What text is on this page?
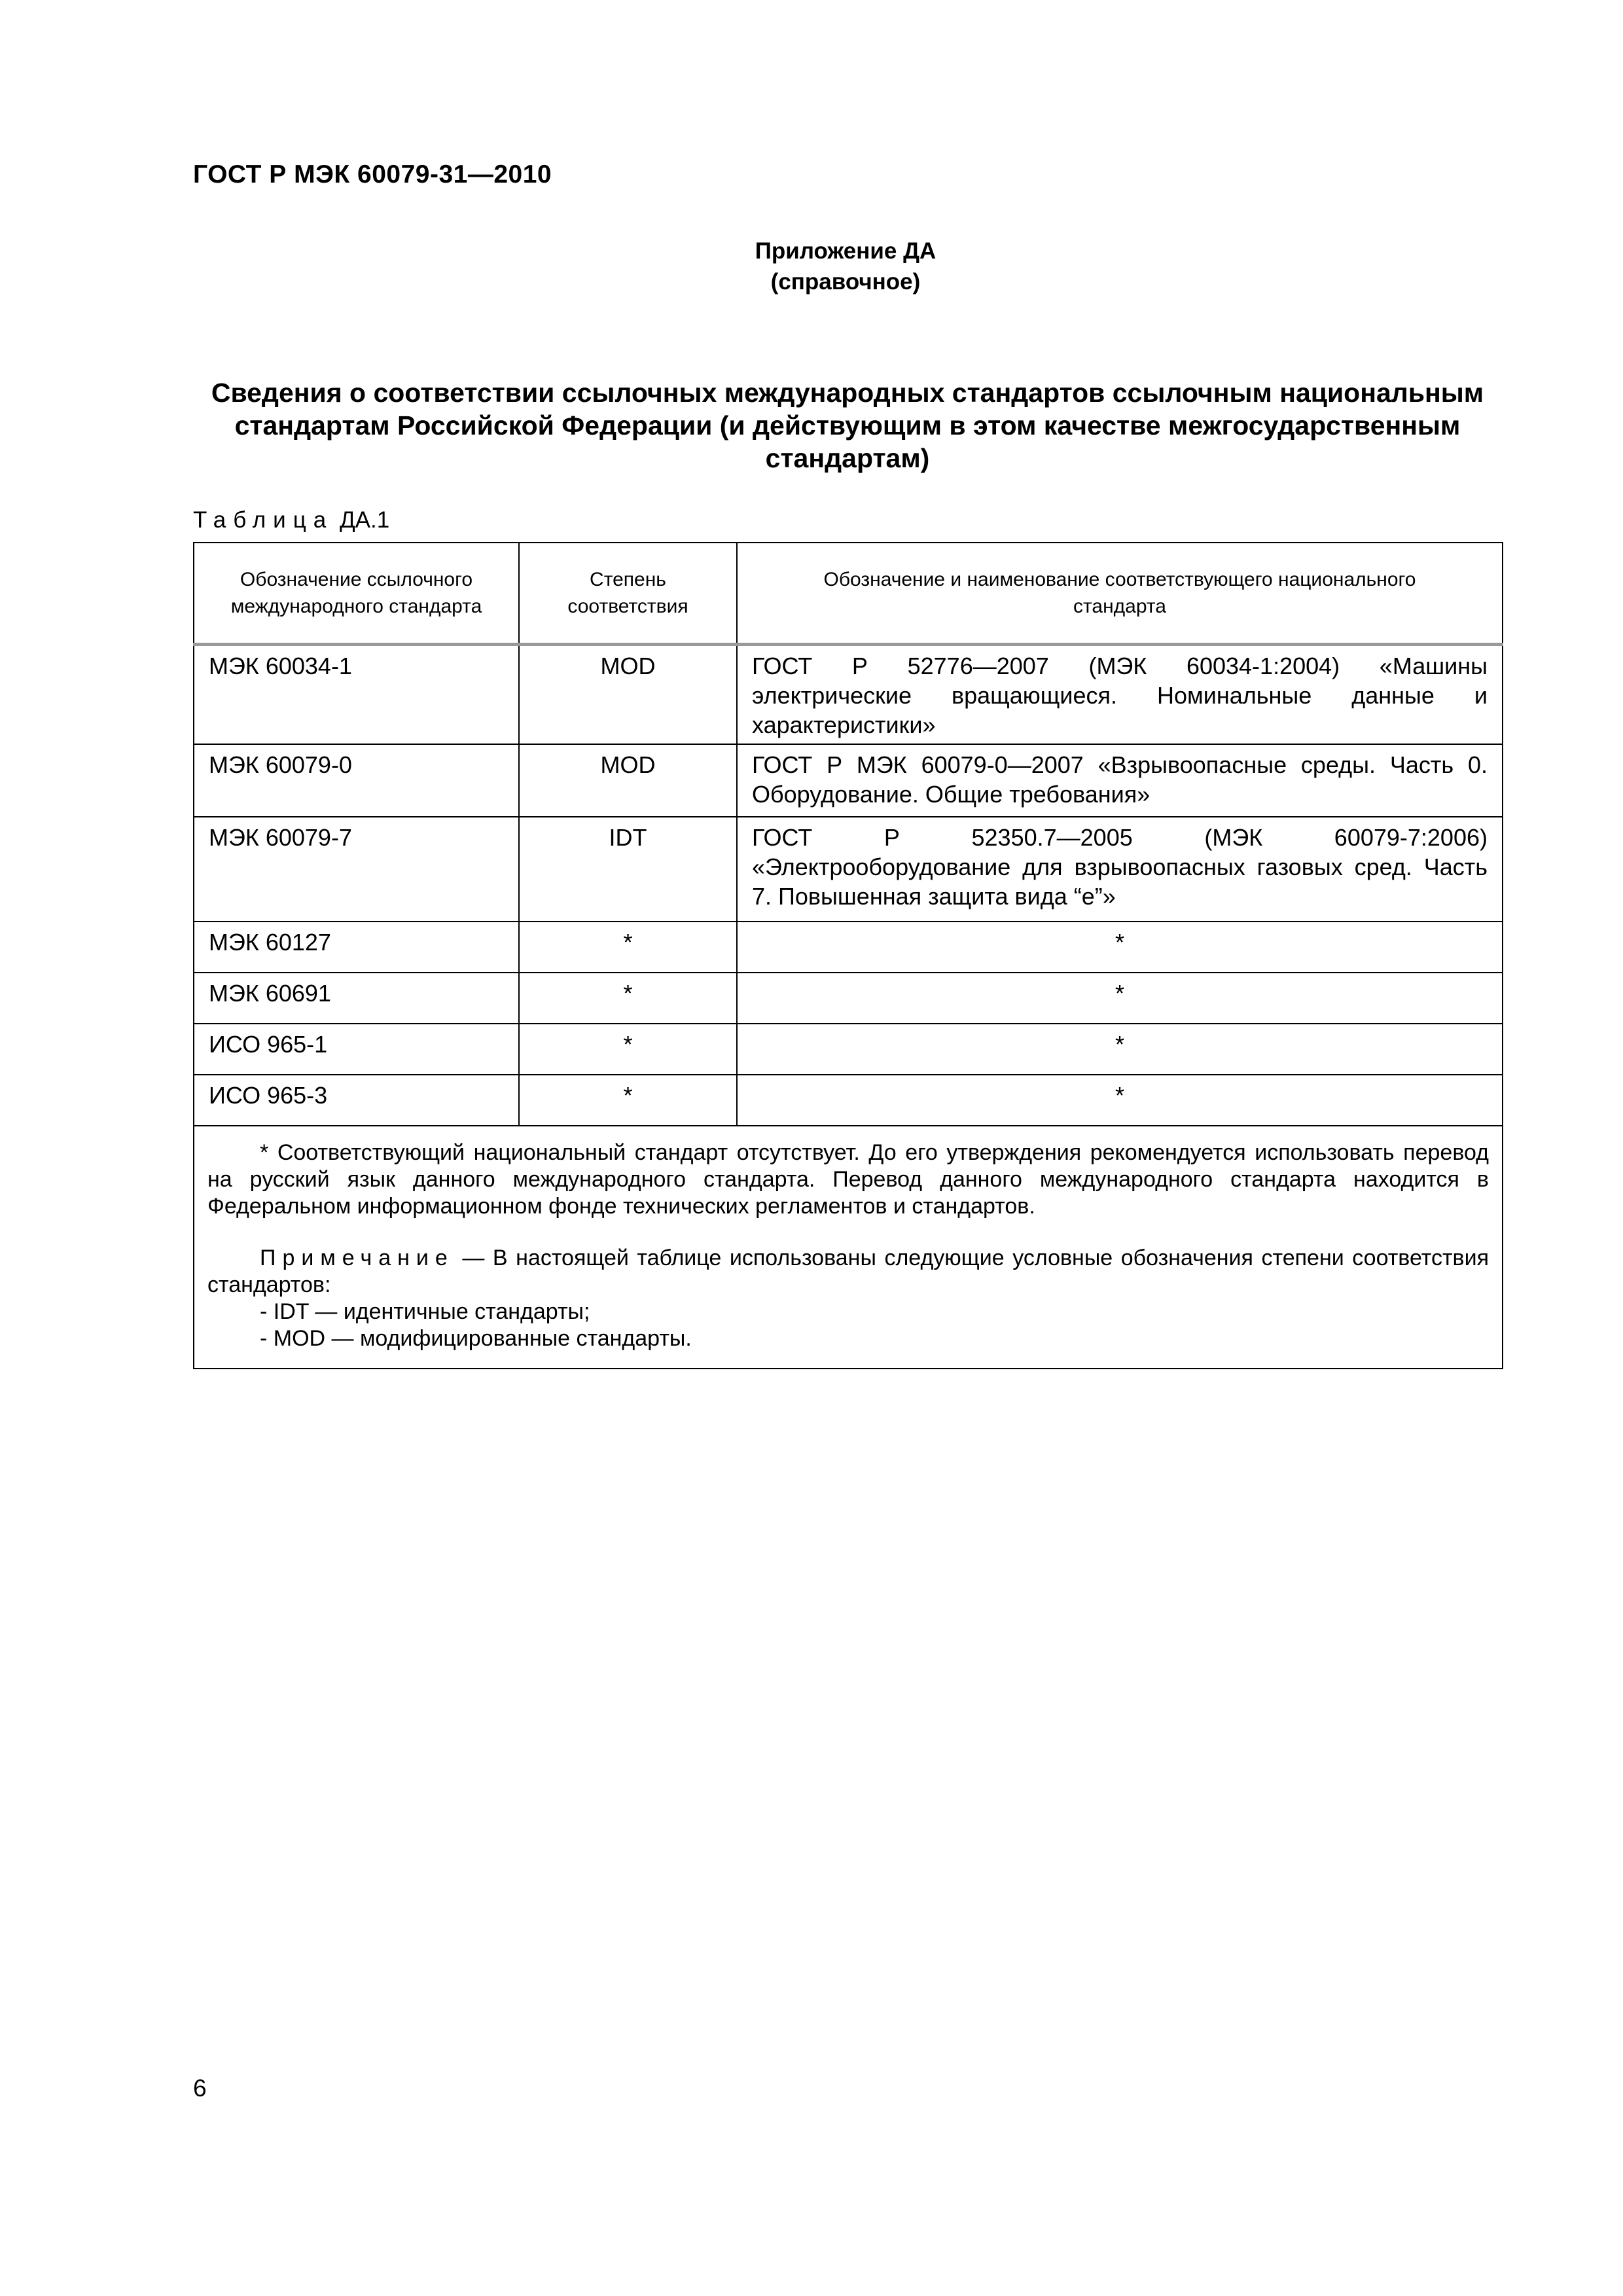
ГОСТ Р МЭК 60079-31—2010
Приложение ДА
(справочное)
Сведения о соответствии ссылочных международных стандартов ссылочным национальным
стандартам Российской Федерации (и действующим в этом качестве межгосударственным
стандартам)
Таблица ДА.1
Обозначение ссылочного международного стандарта	Степень соответствия	Обозначение и наименование соответствующего национального стандарта
МЭК 60034-1	MOD	ГОСТ Р 52776—2007 (МЭК 60034-1:2004) «Машины электрические вращающиеся. Номинальные данные и характеристики»

МЭК 60079-0	MOD	ГОСТ Р МЭК 60079-0—2007 «Взрывоопасные среды. Часть 0. Оборудование. Общие требования»

МЭК 60079-7	IDT	ГОСТ Р 52350.7—2005 (МЭК 60079-7:2006) «Электрооборудование для взрывоопасных газовых сред. Часть 7. Повышенная защита вида “е”»

МЭК 60127	*	*
МЭК 60691	*	*
ИСО 965-1	*	*
ИСО 965-3	*	*

* Соответствующий национальный стандарт отсутствует. До его утверждения рекомендуется использовать перевод на русский язык данного международного стандарта. Перевод данного международного стандарта находится в Федеральном информационном фонде технических регламентов и стандартов.

Примечание — В настоящей таблице использованы следующие условные обозначения степени соответствия стандартов:

- IDT — идентичные стандарты;

- MOD — модифицированные стандарты.		

6
